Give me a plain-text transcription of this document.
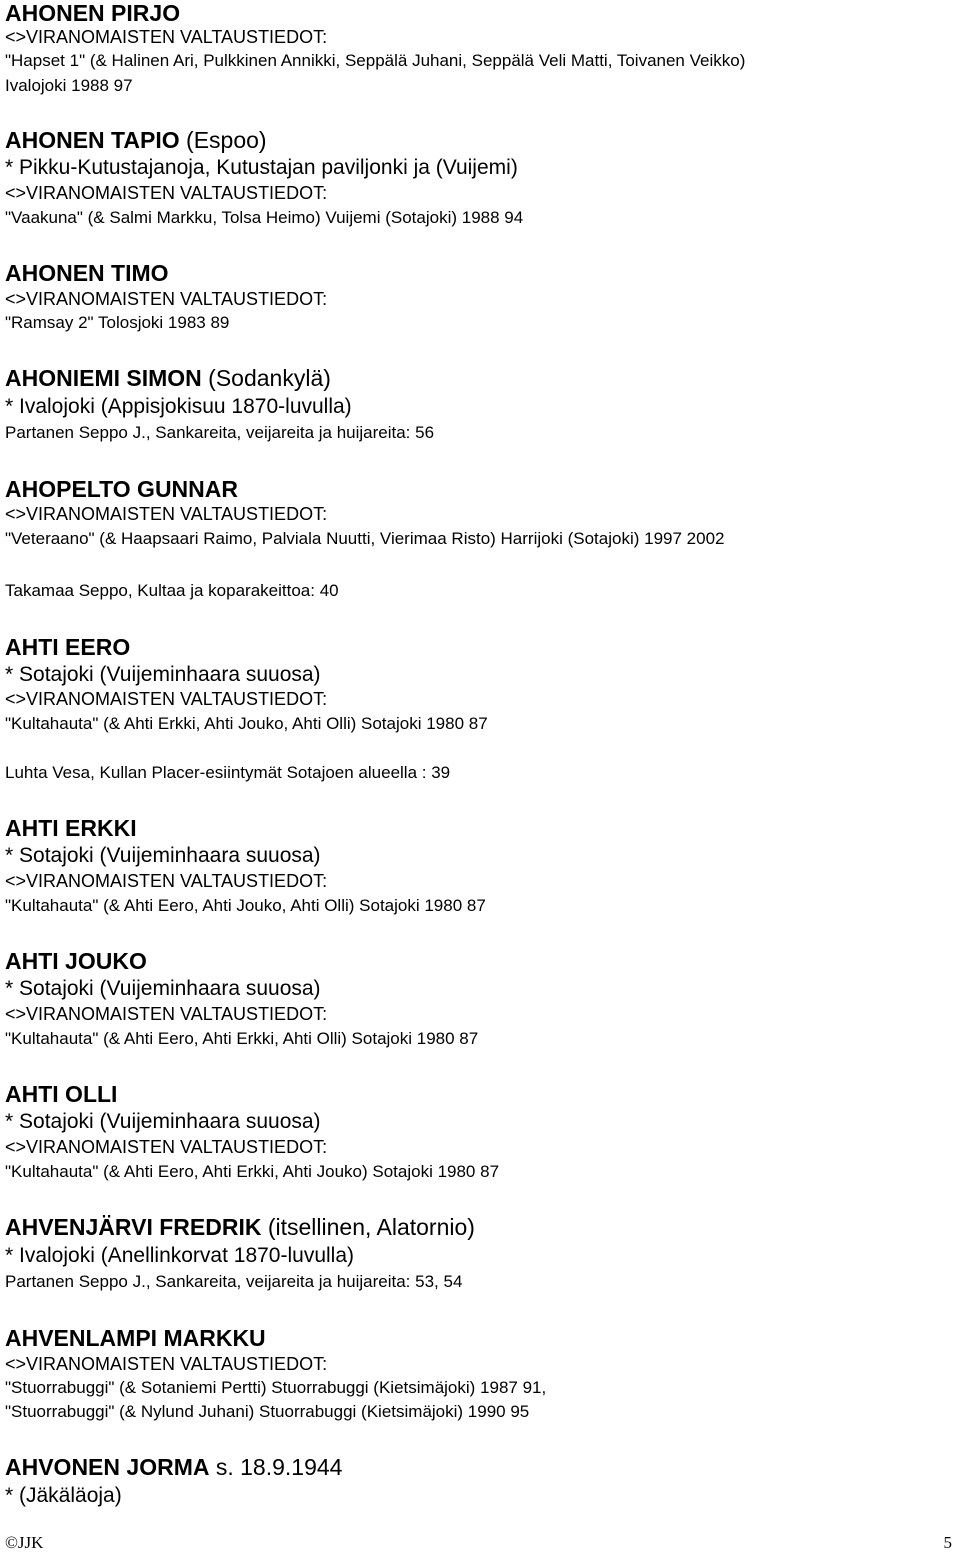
AHONEN PIRJO
<>VIRANOMAISTEN VALTAUSTIEDOT:
"Hapset 1" (& Halinen Ari, Pulkkinen Annikki, Seppälä Juhani, Seppälä Veli Matti, Toivanen Veikko)
Ivalojoki 1988 97
AHONEN TAPIO (Espoo)
* Pikku-Kutustajanoja, Kutustajan paviljonki ja (Vuijemi)
<>VIRANOMAISTEN VALTAUSTIEDOT:
"Vaakuna" (& Salmi Markku, Tolsa Heimo) Vuijemi (Sotajoki) 1988 94
AHONEN TIMO
<>VIRANOMAISTEN VALTAUSTIEDOT:
"Ramsay 2" Tolosjoki 1983 89
AHONIEMI SIMON (Sodankylä)
* Ivalojoki (Appisjokisuu 1870-luvulla)
Partanen Seppo J., Sankareita, veijareita ja huijareita: 56
AHOPELTO GUNNAR
<>VIRANOMAISTEN VALTAUSTIEDOT:
"Veteraano" (& Haapsaari Raimo, Palviala Nuutti, Vierimaa Risto) Harrijoki (Sotajoki) 1997 2002
Takamaa Seppo, Kultaa ja koparakeittoa: 40
AHTI EERO
* Sotajoki (Vuijeminhaara suuosa)
<>VIRANOMAISTEN VALTAUSTIEDOT:
"Kultahauta" (& Ahti Erkki, Ahti Jouko, Ahti Olli) Sotajoki 1980 87
Luhta Vesa, Kullan Placer-esiintymät Sotajoen alueella : 39
AHTI ERKKI
* Sotajoki (Vuijeminhaara suuosa)
<>VIRANOMAISTEN VALTAUSTIEDOT:
"Kultahauta" (& Ahti Eero, Ahti Jouko, Ahti Olli) Sotajoki 1980 87
AHTI JOUKO
* Sotajoki (Vuijeminhaara suuosa)
<>VIRANOMAISTEN VALTAUSTIEDOT:
"Kultahauta" (& Ahti Eero, Ahti Erkki, Ahti Olli) Sotajoki 1980 87
AHTI OLLI
* Sotajoki (Vuijeminhaara suuosa)
<>VIRANOMAISTEN VALTAUSTIEDOT:
"Kultahauta" (& Ahti Eero, Ahti Erkki, Ahti Jouko) Sotajoki 1980 87
AHVENJÄRVI FREDRIK (itsellinen, Alatornio)
* Ivalojoki (Anellinkorvat 1870-luvulla)
Partanen Seppo J., Sankareita, veijareita ja huijareita: 53, 54
AHVENLAMPI MARKKU
<>VIRANOMAISTEN VALTAUSTIEDOT:
"Stuorrabuggi" (& Sotaniemi Pertti) Stuorrabuggi (Kietsimäjoki) 1987 91,
"Stuorrabuggi" (& Nylund Juhani) Stuorrabuggi (Kietsimäjoki) 1990 95
AHVONEN JORMA s. 18.9.1944
* (Jäkäläoja)
©JJK	5
